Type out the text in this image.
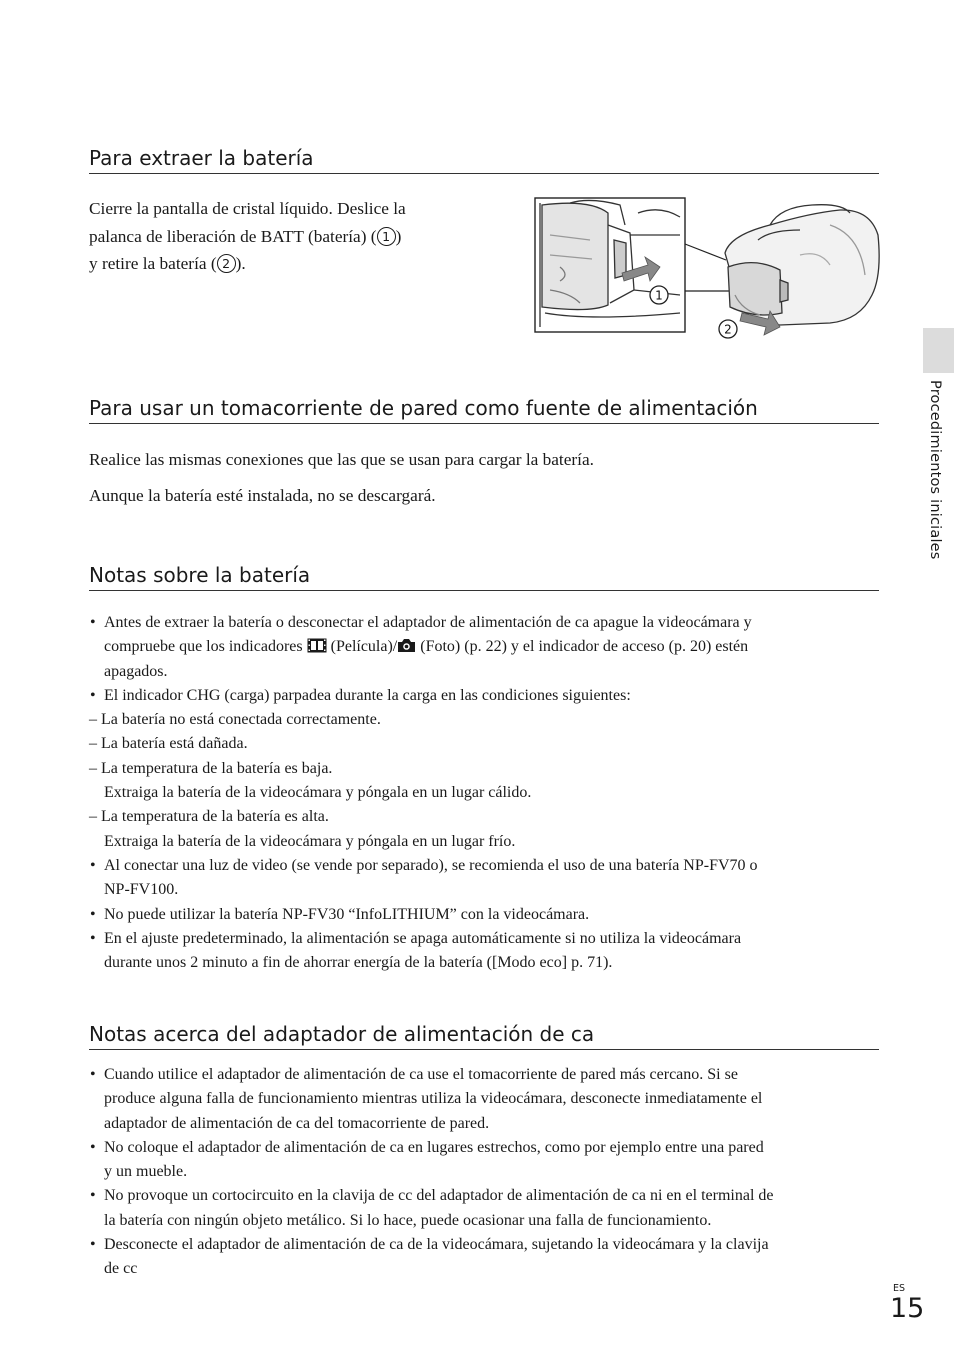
Para extraer la batería
Cierre la pantalla de cristal líquido. Deslice la
palanca de liberación de BATT (batería) ( 1 )
y retire la batería ( 2 ).
1
2
Para usar un tomacorriente de pared como fuente de alimentación

Realice las mismas conexiones que las que se usan para cargar la batería.

Aunque la batería esté instalada, no se descargará.

Notas sobre la batería
• Antes de extraer la batería o desconectar el adaptador de alimentación de ca apague la videocámara y
compruebe que los indicadores (Película)/ (Foto) (p. 22) y el indicador de acceso (p. 20) estén
apagados.
• El indicador CHG (carga) parpadea durante la carga en las condiciones siguientes:
– La batería no está conectada correctamente.
– La batería está dañada.
– La temperatura de la batería es baja.
Extraiga la batería de la videocámara y póngala en un lugar cálido.
– La temperatura de la batería es alta.
Extraiga la batería de la videocámara y póngala en un lugar frío.
• Al conectar una luz de video (se vende por separado), se recomienda el uso de una batería NP-FV70 o
NP-FV100.
• No puede utilizar la batería NP-FV30 “InfoLITHIUM” con la videocámara.
• En el ajuste predeterminado, la alimentación se apaga automáticamente si no utiliza la videocámara
durante unos 2 minuto a fin de ahorrar energía de la batería ([Modo eco] p. 71).
Notas acerca del adaptador de alimentación de ca
• Cuando utilice el adaptador de alimentación de ca use el tomacorriente de pared más cercano. Si se
produce alguna falla de funcionamiento mientras utiliza la videocámara, desconecte inmediatamente el
adaptador de alimentación de ca del tomacorriente de pared.
• No coloque el adaptador de alimentación de ca en lugares estrechos, como por ejemplo entre una pared
y un mueble.
• No provoque un cortocircuito en la clavija de cc del adaptador de alimentación de ca ni en el terminal de
la batería con ningún objeto metálico. Si lo hace, puede ocasionar una falla de funcionamiento.
• Desconecte el adaptador de alimentación de ca de la videocámara, sujetando la videocámara y la clavija
de cc
Procedimientos iniciales
ES
15
